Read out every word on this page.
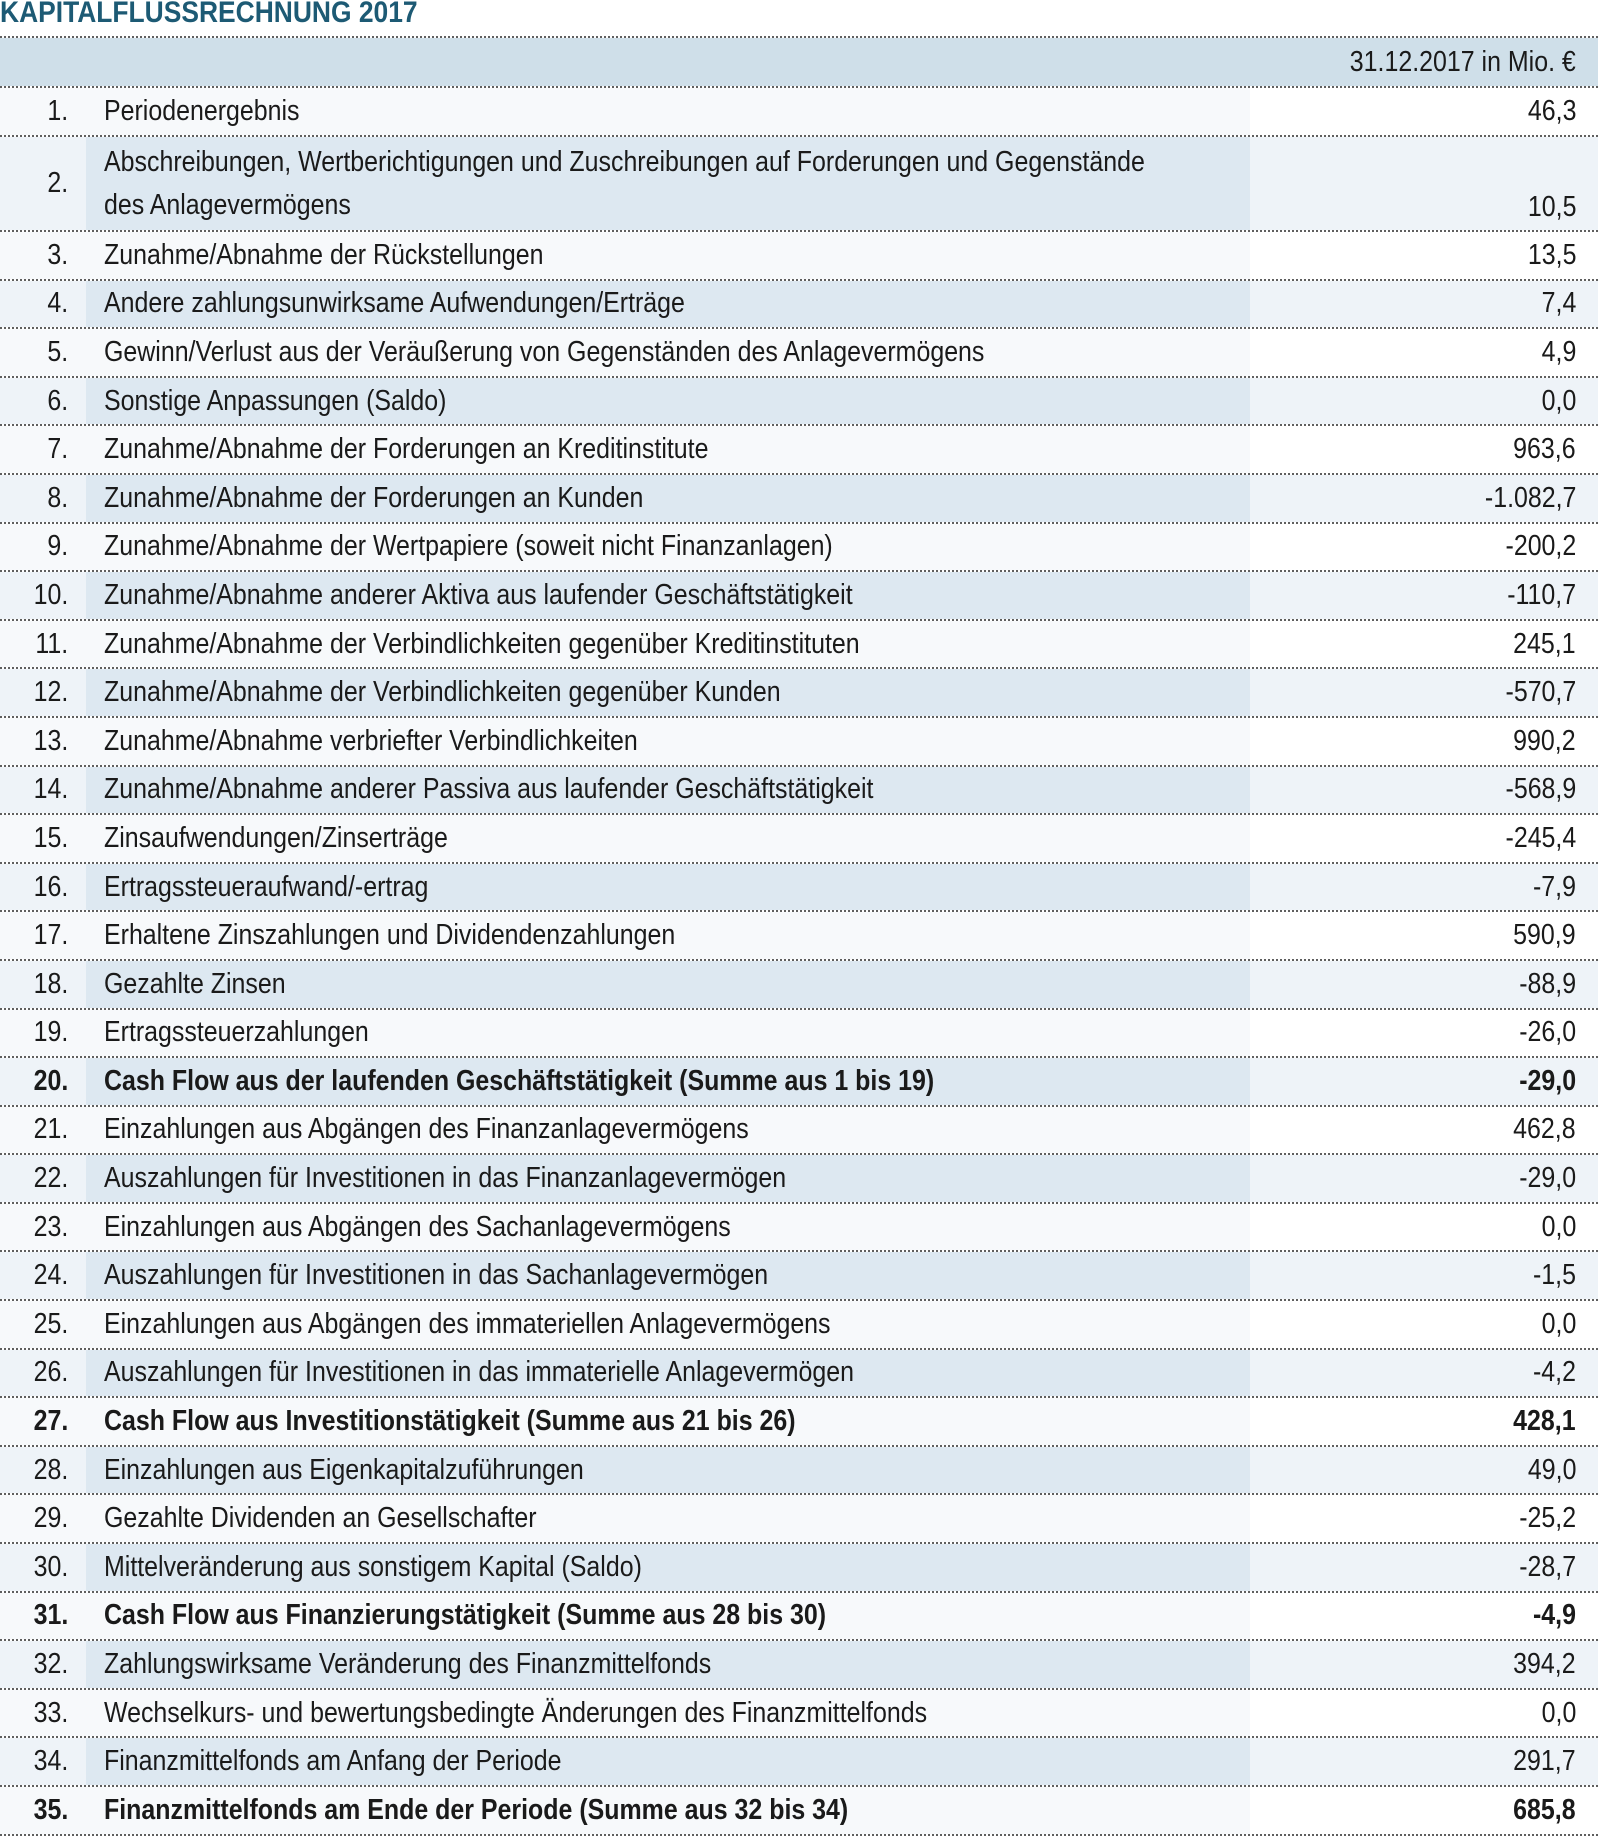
KAPITALFLUSSRECHNUNG 2017
31.12.2017 in Mio. €
1. Periodenergebnis	46,3
2.
Abschreibungen, Wertberichtigungen und Zuschreibungen auf Forderungen und Gegenstände
des Anlagevermögens	10,5
3. Zunahme/Abnahme der Rückstellungen	13,5
4. Andere zahlungsunwirksame Aufwendungen/Erträge	7,4
5. Gewinn/Verlust aus der Veräußerung von Gegenständen des Anlagevermögens	4,9
6. Sonstige Anpassungen (Saldo)	0,0
7. Zunahme/Abnahme der Forderungen an Kreditinstitute	963,6
8. Zunahme/Abnahme der Forderungen an Kunden	-1.082,7
9. Zunahme/Abnahme der Wertpapiere (soweit nicht Finanzanlagen)	-200,2
10. Zunahme/Abnahme anderer Aktiva aus laufender Geschäftstätigkeit	-110,7
11. Zunahme/Abnahme der Verbindlichkeiten gegenüber Kreditinstituten	245,1
12. Zunahme/Abnahme der Verbindlichkeiten gegenüber Kunden	-570,7
13. Zunahme/Abnahme verbriefter Verbindlichkeiten	990,2
14. Zunahme/Abnahme anderer Passiva aus laufender Geschäftstätigkeit	-568,9
15. Zinsaufwendungen/Zinserträge	-245,4
16. Ertragssteueraufwand/-ertrag	-7,9
17. Erhaltene Zinszahlungen und Dividendenzahlungen	590,9
18. Gezahlte Zinsen	-88,9
19. Ertragssteuerzahlungen	-26,0
20. Cash Flow aus der laufenden Geschäftstätigkeit (Summe aus 1 bis 19)	-29,0
21. Einzahlungen aus Abgängen des Finanzanlagevermögens	462,8
22. Auszahlungen für Investitionen in das Finanzanlagevermögen	-29,0
23. Einzahlungen aus Abgängen des Sachanlagevermögens	0,0
24. Auszahlungen für Investitionen in das Sachanlagevermögen	-1,5
25. Einzahlungen aus Abgängen des immateriellen Anlagevermögens	0,0
26. Auszahlungen für Investitionen in das immaterielle Anlagevermögen	-4,2
27. Cash Flow aus Investitionstätigkeit (Summe aus 21 bis 26)	428,1
28. Einzahlungen aus Eigenkapitalzuführungen	49,0
29. Gezahlte Dividenden an Gesellschafter	-25,2
30. Mittelveränderung aus sonstigem Kapital (Saldo)	-28,7
31. Cash Flow aus Finanzierungstätigkeit (Summe aus 28 bis 30)	-4,9
32. Zahlungswirksame Veränderung des Finanzmittelfonds	394,2
33. Wechselkurs- und bewertungsbedingte Änderungen des Finanzmittelfonds	0,0
34. Finanzmittelfonds am Anfang der Periode	291,7
35. Finanzmittelfonds am Ende der Periode (Summe aus 32 bis 34)	685,8
